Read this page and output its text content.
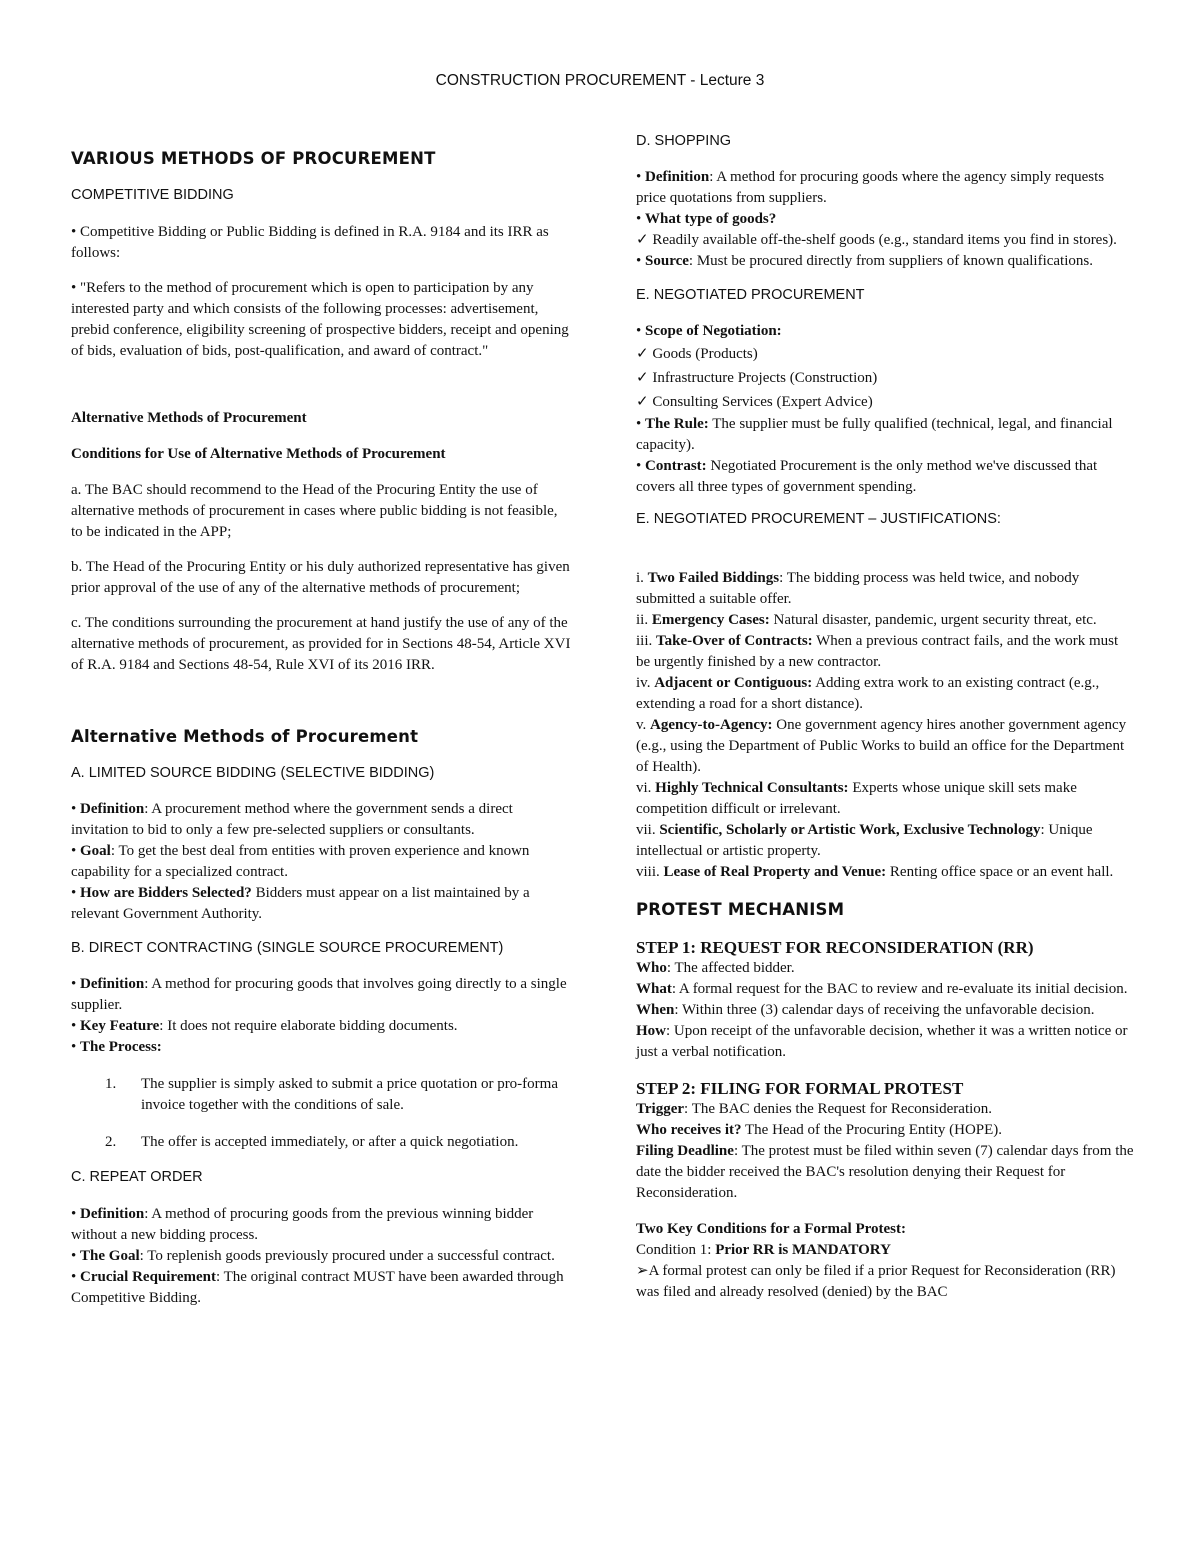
CONSTRUCTION PROCUREMENT - Lecture 3
VARIOUS METHODS OF PROCUREMENT
COMPETITIVE BIDDING

• Competitive Bidding or Public Bidding is defined in R.A. 9184 and its IRR as follows:

• "Refers to the method of procurement which is open to participation by any interested party and which consists of the following processes: advertisement, prebid conference, eligibility screening of prospective bidders, receipt and opening of bids, evaluation of bids, post-qualification, and award of contract."

Alternative Methods of Procurement
Conditions for Use of Alternative Methods of Procurement

a. The BAC should recommend to the Head of the Procuring Entity the use of alternative methods of procurement in cases where public bidding is not feasible, to be indicated in the APP;

b. The Head of the Procuring Entity or his duly authorized representative has given prior approval of the use of any of the alternative methods of procurement;

c. The conditions surrounding the procurement at hand justify the use of any of the alternative methods of procurement, as provided for in Sections 48-54, Article XVI of R.A. 9184 and Sections 48-54, Rule XVI of its 2016 IRR.

Alternative Methods of Procurement
A. LIMITED SOURCE BIDDING (SELECTIVE BIDDING)

• Definition: A procurement method where the government sends a direct invitation to bid to only a few pre-selected suppliers or consultants.

• Goal: To get the best deal from entities with proven experience and known capability for a specialized contract.

• How are Bidders Selected? Bidders must appear on a list maintained by a relevant Government Authority.

B. DIRECT CONTRACTING (SINGLE SOURCE PROCUREMENT)

• Definition: A method for procuring goods that involves going directly to a single supplier.

• Key Feature: It does not require elaborate bidding documents.

• The Process:

1. The supplier is simply asked to submit a price quotation or pro-forma invoice together with the conditions of sale.
2. The offer is accepted immediately, or after a quick negotiation.
C. REPEAT ORDER

• Definition: A method of procuring goods from the previous winning bidder without a new bidding process.

• The Goal: To replenish goods previously procured under a successful contract.

• Crucial Requirement: The original contract MUST have been awarded through Competitive Bidding.

D. SHOPPING

• Definition: A method for procuring goods where the agency simply requests price quotations from suppliers.

• What type of goods?

✓ Readily available off-the-shelf goods (e.g., standard items you find in stores).

• Source: Must be procured directly from suppliers of known qualifications.

E. NEGOTIATED PROCUREMENT

• Scope of Negotiation:

✓ Goods (Products)

✓ Infrastructure Projects (Construction)

✓ Consulting Services (Expert Advice)

• The Rule: The supplier must be fully qualified (technical, legal, and financial capacity).

• Contrast: Negotiated Procurement is the only method we've discussed that covers all three types of government spending.

E. NEGOTIATED PROCUREMENT – JUSTIFICATIONS:

i. Two Failed Biddings: The bidding process was held twice, and nobody submitted a suitable offer.

ii. Emergency Cases: Natural disaster, pandemic, urgent security threat, etc.

iii. Take-Over of Contracts: When a previous contract fails, and the work must be urgently finished by a new contractor.

iv. Adjacent or Contiguous: Adding extra work to an existing contract (e.g., extending a road for a short distance).

v. Agency-to-Agency: One government agency hires another government agency (e.g., using the Department of Public Works to build an office for the Department of Health).

vi. Highly Technical Consultants: Experts whose unique skill sets make competition difficult or irrelevant.

vii. Scientific, Scholarly or Artistic Work, Exclusive Technology: Unique intellectual or artistic property.

viii. Lease of Real Property and Venue: Renting office space or an event hall.

PROTEST MECHANISM
STEP 1: REQUEST FOR RECONSIDERATION (RR)

Who: The affected bidder.

What: A formal request for the BAC to review and re-evaluate its initial decision.

When: Within three (3) calendar days of receiving the unfavorable decision.

How: Upon receipt of the unfavorable decision, whether it was a written notice or just a verbal notification.

STEP 2: FILING FOR FORMAL PROTEST

Trigger: The BAC denies the Request for Reconsideration.

Who receives it? The Head of the Procuring Entity (HOPE).

Filing Deadline: The protest must be filed within seven (7) calendar days from the date the bidder received the BAC's resolution denying their Request for Reconsideration.

Two Key Conditions for a Formal Protest:

Condition 1: Prior RR is MANDATORY

➢A formal protest can only be filed if a prior Request for Reconsideration (RR) was filed and already resolved (denied) by the BAC
